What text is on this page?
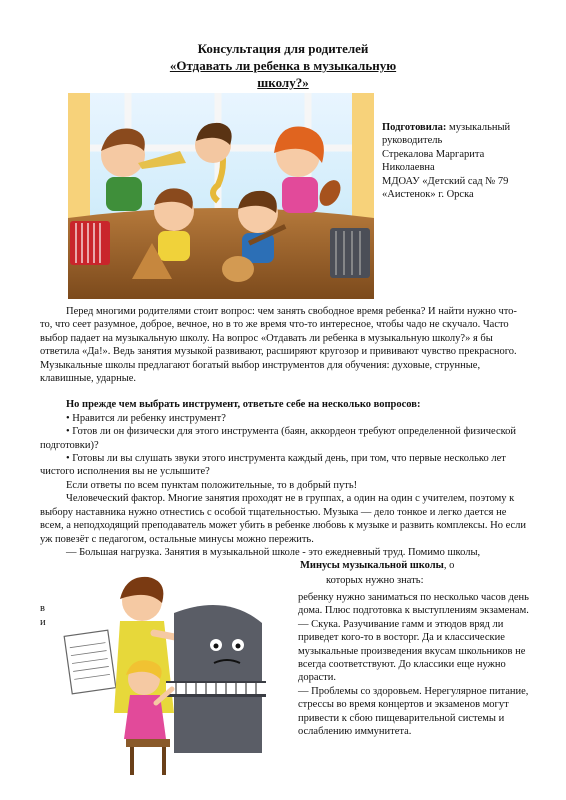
Консультация для родителей
«Отдавать ли ребенка в музыкальную
школу?»
Подготовила: музыкальный
руководитель
Стрекалова Маргарита
Николаевна
МДОАУ «Детский сад № 79
«Аистенок» г. Орска

Перед многими родителями стоит вопрос: чем занять свободное время ребенка? И найти нужно что- то, что сеет разумное, доброе, вечное, но в то же время что-то интересное, чтобы чадо не скучало. Часто выбор падает на музыкальную школу. На вопрос «Отдавать ли ребенка в музыкальную школу?» я бы ответила «Да!». Ведь занятия музыкой развивают, расширяют кругозор и прививают чувство прекрасного. Музыкальные школы предлагают богатый выбор инструментов для обучения: духовые, струнные, клавишные, ударные.

Но прежде чем выбрать инструмент, ответьте себе на несколько вопросов:

• Нравится ли ребенку инструмент?

• Готов ли он физически для этого инструмента (баян, аккордеон требуют определенной физической подготовки)?

• Готовы ли вы слушать звуки этого инструмента каждый день, при том, что первые несколько лет чистого исполнения вы не услышите?

Если ответы по всем пунктам положительные, то в добрый путь!

Человеческий фактор. Многие занятия проходят не в группах, а один на один с учителем, поэтому к выбору наставника нужно отнестись с особой тщательностью. Музыка — дело тонкое и легко дается не всем, а неподходящий преподаватель может убить в ребенке любовь к музыке и развить комплексы. Но если уж повезёт с педагогом, остальные минусы можно пережить.

— Большая нагрузка. Занятия в музыкальной школе - это ежедневный труд. Помимо школы,

Минусы музыкальной школы, о
которых нужно знать:
в
и

ребенку нужно заниматься по несколько часов день дома. Плюс подготовка к выступлениям экзаменам.

— Скука. Разучивание гамм и этюдов вряд ли приведет кого-то в восторг. Да и классические музыкальные произведения вкусам школьников не всегда соответствуют. До классики еще нужно дорасти.

— Проблемы со здоровьем. Нерегулярное питание, стрессы во время концертов и экзаменов могут привести к сбою пищеварительной системы и ослаблению иммунитета.
